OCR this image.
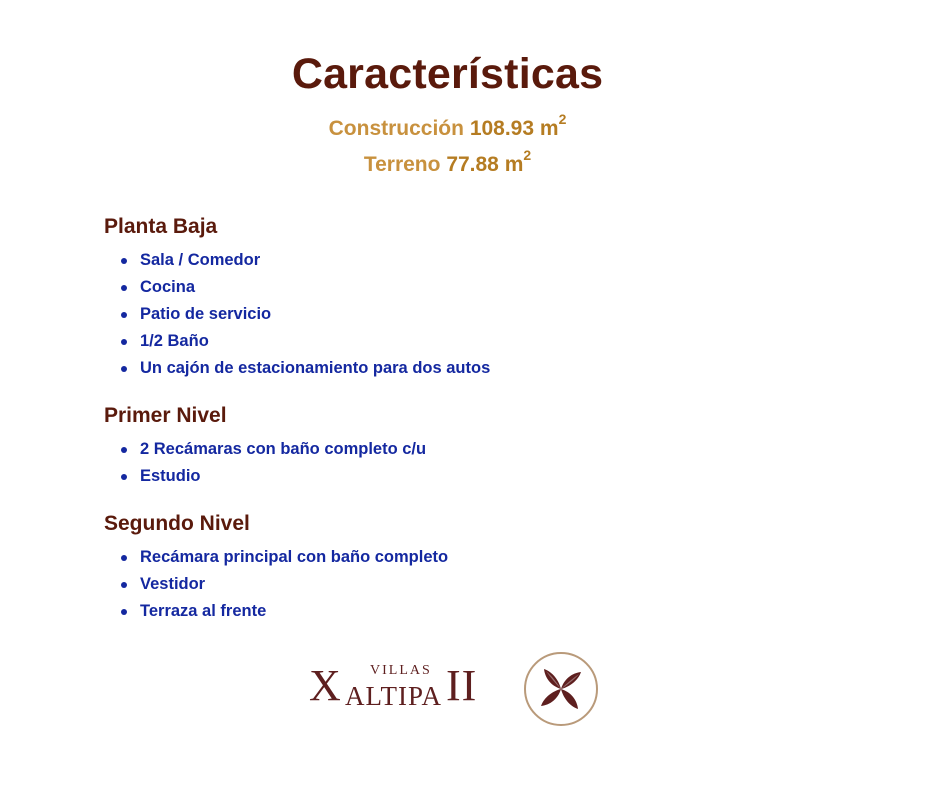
Características
Construcción 108.93 $m^2$
Terreno 77.88 $m^2$
Planta Baja
Sala / Comedor
Cocina
Patio de servicio
1/2 Baño
Un cajón de estacionamiento para dos autos
Primer Nivel
2 Recámaras con baño completo c/u
Estudio
Segundo Nivel
Recámara principal con baño completo
Vestidor
Terraza al frente
VILLAS
X ALTIPA II
